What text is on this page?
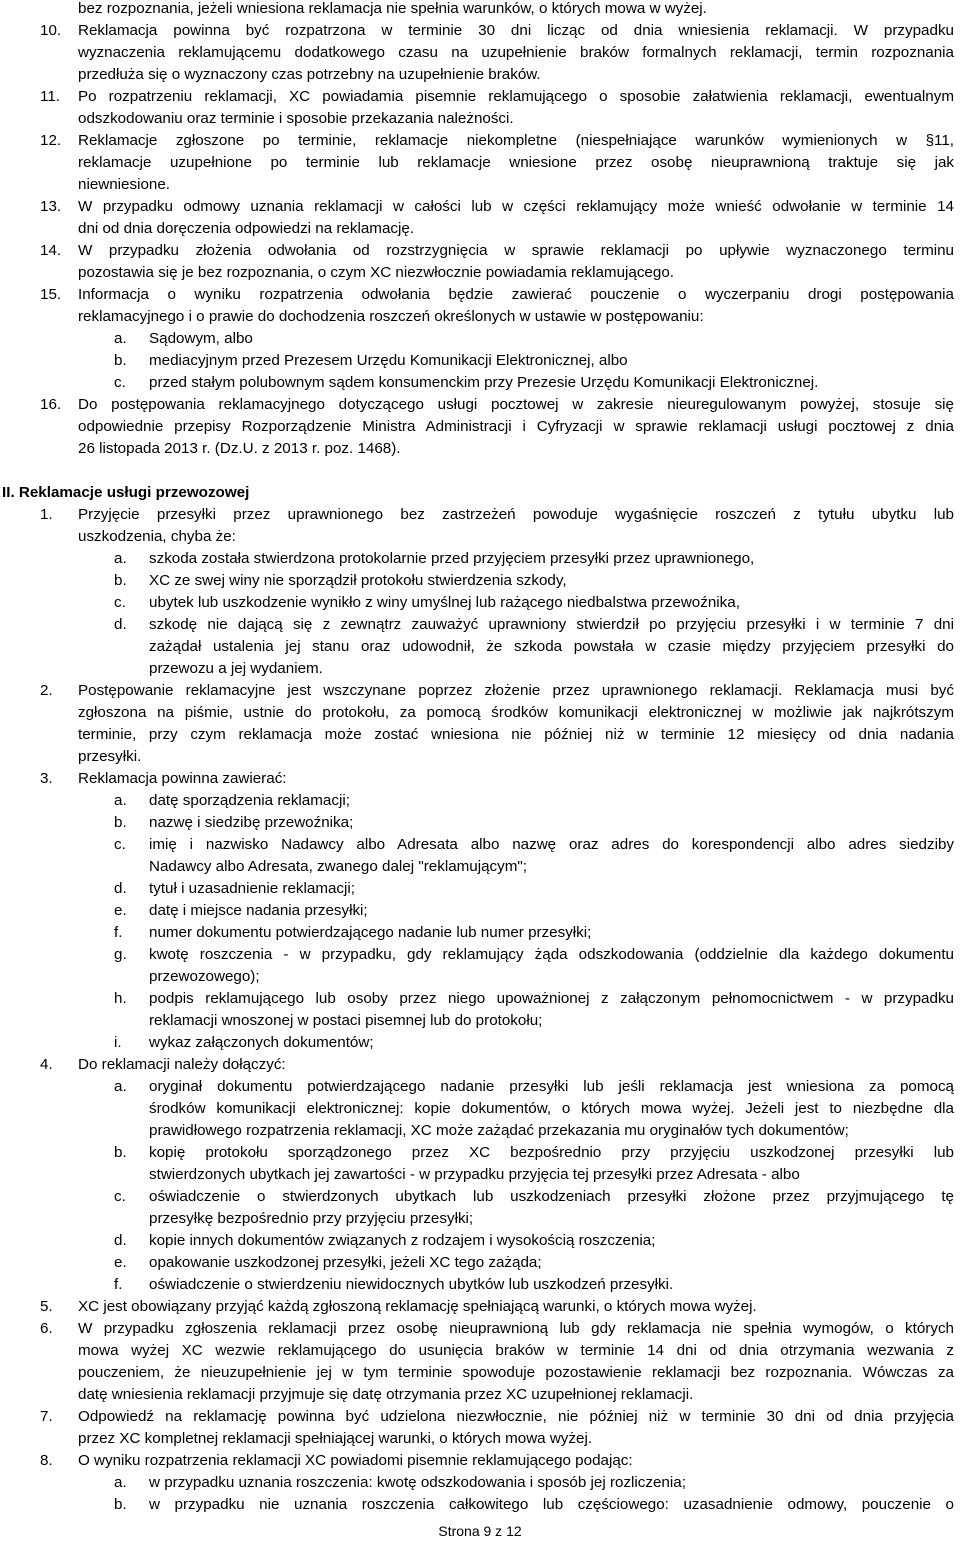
bez rozpoznania, jeżeli wniesiona reklamacja nie spełnia warunków, o których mowa w wyżej.
10. Reklamacja powinna być rozpatrzona w terminie 30 dni licząc od dnia wniesienia reklamacji. W przypadku
wyznaczenia reklamującemu dodatkowego czasu na uzupełnienie braków formalnych reklamacji, termin rozpoznania
przedłuża się o wyznaczony czas potrzebny na uzupełnienie braków.
11. Po rozpatrzeniu reklamacji, XC powiadamia pisemnie reklamującego o sposobie załatwienia reklamacji, ewentualnym
odszkodowaniu oraz terminie i sposobie przekazania należności.
12. Reklamacje zgłoszone po terminie, reklamacje niekompletne (niespełniające warunków wymienionych w §11,
reklamacje uzupełnione po terminie lub reklamacje wniesione przez osobę nieuprawnioną traktuje się jak
niewniesione.
13. W przypadku odmowy uznania reklamacji w całości lub w części reklamujący może wnieść odwołanie w terminie 14
dni od dnia doręczenia odpowiedzi na reklamację.
14. W przypadku złożenia odwołania od rozstrzygnięcia w sprawie reklamacji po upływie wyznaczonego terminu
pozostawia się je bez rozpoznania, o czym XC niezwłocznie powiadamia reklamującego.
15. Informacja o wyniku rozpatrzenia odwołania będzie zawierać pouczenie o wyczerpaniu drogi postępowania
reklamacyjnego i o prawie do dochodzenia roszczeń określonych w ustawie w postępowaniu:
a. Sądowym, albo
b. mediacyjnym przed Prezesem Urzędu Komunikacji Elektronicznej, albo
c. przed stałym polubownym sądem konsumenckim przy Prezesie Urzędu Komunikacji Elektronicznej.
16. Do postępowania reklamacyjnego dotyczącego usługi pocztowej w zakresie nieuregulowanym powyżej, stosuje się
odpowiednie przepisy Rozporządzenie Ministra Administracji i Cyfryzacji w sprawie reklamacji usługi pocztowej z dnia
26 listopada 2013 r. (Dz.U. z 2013 r. poz. 1468).
II. Reklamacje usługi przewozowej
1. Przyjęcie przesyłki przez uprawnionego bez zastrzeżeń powoduje wygaśnięcie roszczeń z tytułu ubytku lub
uszkodzenia, chyba że:
a. szkoda została stwierdzona protokolarnie przed przyjęciem przesyłki przez uprawnionego,
b. XC ze swej winy nie sporządził protokołu stwierdzenia szkody,
c. ubytek lub uszkodzenie wynikło z winy umyślnej lub rażącego niedbalstwa przewoźnika,
d. szkodę nie dającą się z zewnątrz zauważyć uprawniony stwierdził po przyjęciu przesyłki i w terminie 7 dni
zażądał ustalenia jej stanu oraz udowodnił, że szkoda powstała w czasie między przyjęciem przesyłki do
przewozu a jej wydaniem.
2. Postępowanie reklamacyjne jest wszczynane poprzez złożenie przez uprawnionego reklamacji. Reklamacja musi być
zgłoszona na piśmie, ustnie do protokołu, za pomocą środków komunikacji elektronicznej w możliwie jak najkrótszym
terminie, przy czym reklamacja może zostać wniesiona nie później niż w terminie 12 miesięcy od dnia nadania
przesyłki.
3. Reklamacja powinna zawierać:
a. datę sporządzenia reklamacji;
b. nazwę i siedzibę przewoźnika;
c. imię i nazwisko Nadawcy albo Adresata albo nazwę oraz adres do korespondencji albo adres siedziby
Nadawcy albo Adresata, zwanego dalej "reklamującym";
d. tytuł i uzasadnienie reklamacji;
e. datę i miejsce nadania przesyłki;
f. numer dokumentu potwierdzającego nadanie lub numer przesyłki;
g. kwotę roszczenia - w przypadku, gdy reklamujący żąda odszkodowania (oddzielnie dla każdego dokumentu
przewozowego);
h. podpis reklamującego lub osoby przez niego upoważnionej z załączonym pełnomocnictwem - w przypadku
reklamacji wnoszonej w postaci pisemnej lub do protokołu;
i. wykaz załączonych dokumentów;
4. Do reklamacji należy dołączyć:
a. oryginał dokumentu potwierdzającego nadanie przesyłki lub jeśli reklamacja jest wniesiona za pomocą
środków komunikacji elektronicznej: kopie dokumentów, o których mowa wyżej. Jeżeli jest to niezbędne dla
prawidłowego rozpatrzenia reklamacji, XC może zażądać przekazania mu oryginałów tych dokumentów;
b. kopię protokołu sporządzonego przez XC bezpośrednio przy przyjęciu uszkodzonej przesyłki lub
stwierdzonych ubytkach jej zawartości - w przypadku przyjęcia tej przesyłki przez Adresata - albo
c. oświadczenie o stwierdzonych ubytkach lub uszkodzeniach przesyłki złożone przez przyjmującego tę
przesyłkę bezpośrednio przy przyjęciu przesyłki;
d. kopie innych dokumentów związanych z rodzajem i wysokością roszczenia;
e. opakowanie uszkodzonej przesyłki, jeżeli XC tego zażąda;
f. oświadczenie o stwierdzeniu niewidocznych ubytków lub uszkodzeń przesyłki.
5. XC jest obowiązany przyjąć każdą zgłoszoną reklamację spełniającą warunki, o których mowa wyżej.
6. W przypadku zgłoszenia reklamacji przez osobę nieuprawnioną lub gdy reklamacja nie spełnia wymogów, o których
mowa wyżej XC wezwie reklamującego do usunięcia braków w terminie 14 dni od dnia otrzymania wezwania z
pouczeniem, że nieuzupełnienie jej w tym terminie spowoduje pozostawienie reklamacji bez rozpoznania. Wówczas za
datę wniesienia reklamacji przyjmuje się datę otrzymania przez XC uzupełnionej reklamacji.
7. Odpowiedź na reklamację powinna być udzielona niezwłocznie, nie później niż w terminie 30 dni od dnia przyjęcia
przez XC kompletnej reklamacji spełniającej warunki, o których mowa wyżej.
8. O wyniku rozpatrzenia reklamacji XC powiadomi pisemnie reklamującego podając:
a. w przypadku uznania roszczenia: kwotę odszkodowania i sposób jej rozliczenia;
b. w przypadku nie uznania roszczenia całkowitego lub częściowego: uzasadnienie odmowy, pouczenie o
Strona 9 z 12
